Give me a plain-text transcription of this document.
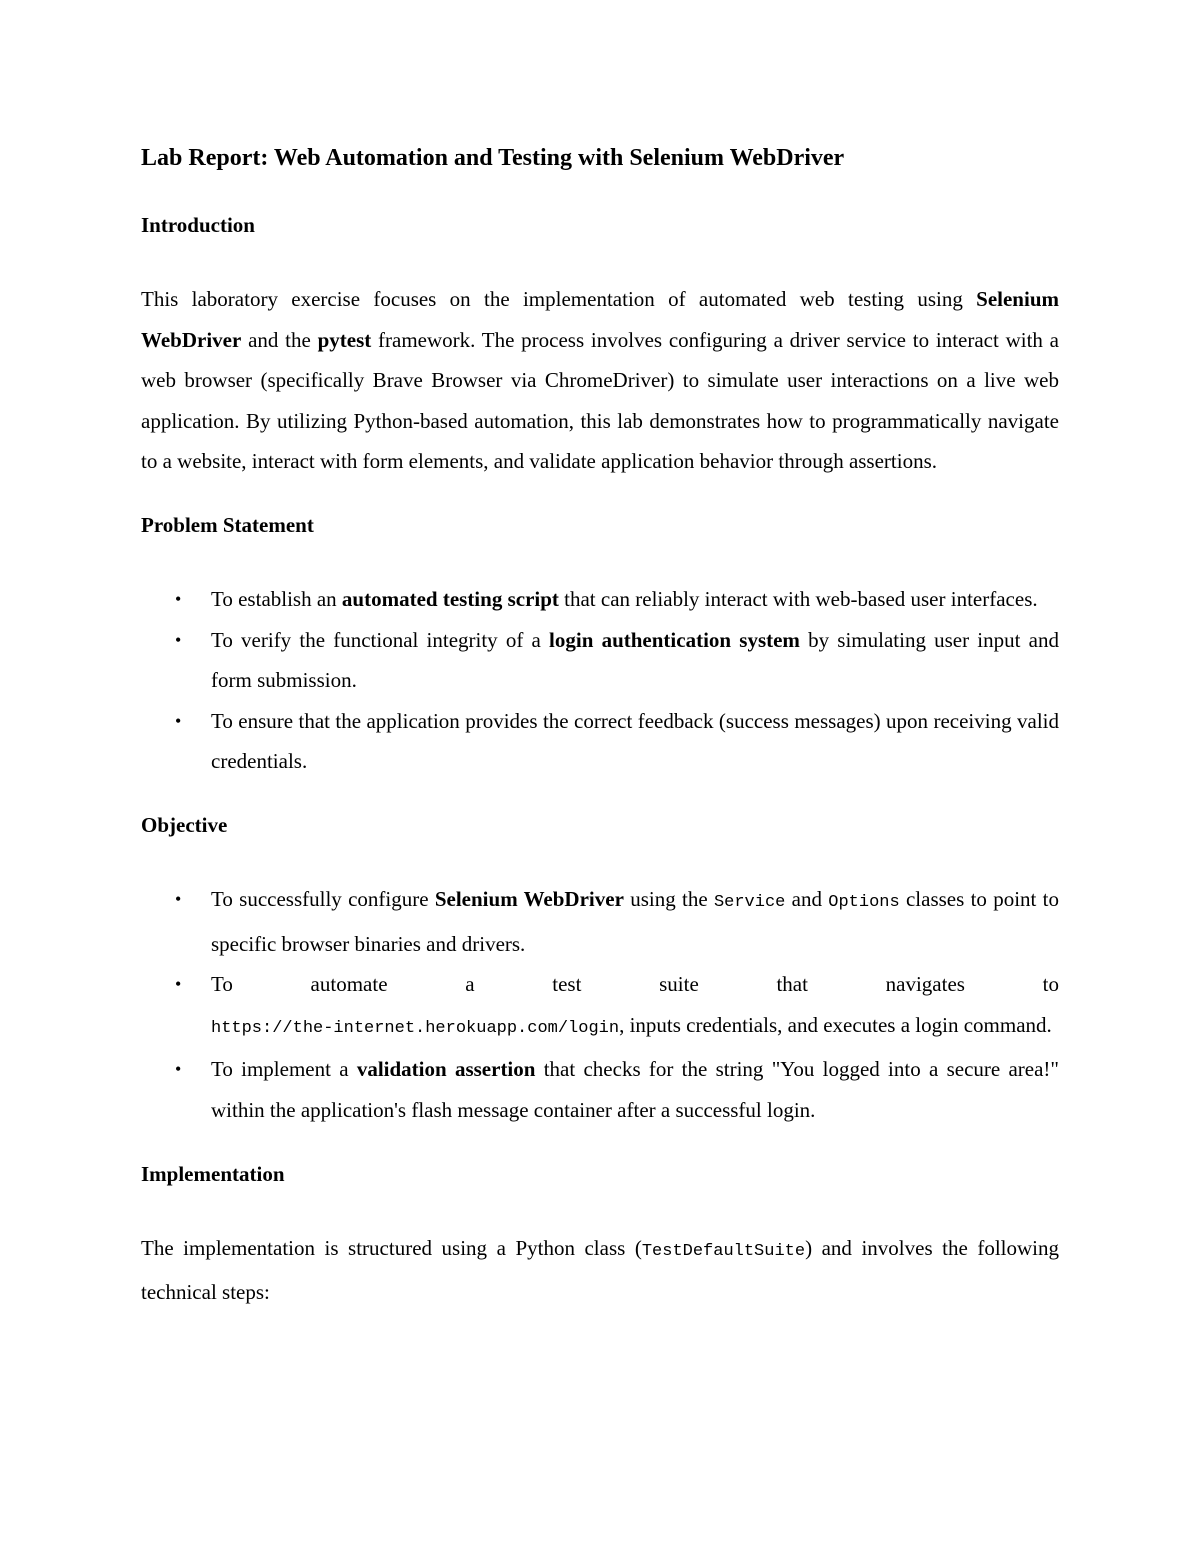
Lab Report: Web Automation and Testing with Selenium WebDriver
Introduction

This laboratory exercise focuses on the implementation of automated web testing using Selenium WebDriver and the pytest framework. The process involves configuring a driver service to interact with a web browser (specifically Brave Browser via ChromeDriver) to simulate user interactions on a live web application. By utilizing Python-based automation, this lab demonstrates how to programmatically navigate to a website, interact with form elements, and validate application behavior through assertions.

Problem Statement
• To establish an automated testing script that can reliably interact with web-based user interfaces.
• To verify the functional integrity of a login authentication system by simulating user input and form submission.
• To ensure that the application provides the correct feedback (success messages) upon receiving valid credentials.
Objective
• To successfully configure Selenium WebDriver using the Service and Options classes to point to specific browser binaries and drivers.
• To automate a test suite that navigates to
https://the-internet.herokuapp.com/login, inputs credentials, and executes a login command.
• To implement a validation assertion that checks for the string "You logged into a secure area!" within the application's flash message container after a successful login.
Implementation

The implementation is structured using a Python class (TestDefaultSuite) and involves the following technical steps:
